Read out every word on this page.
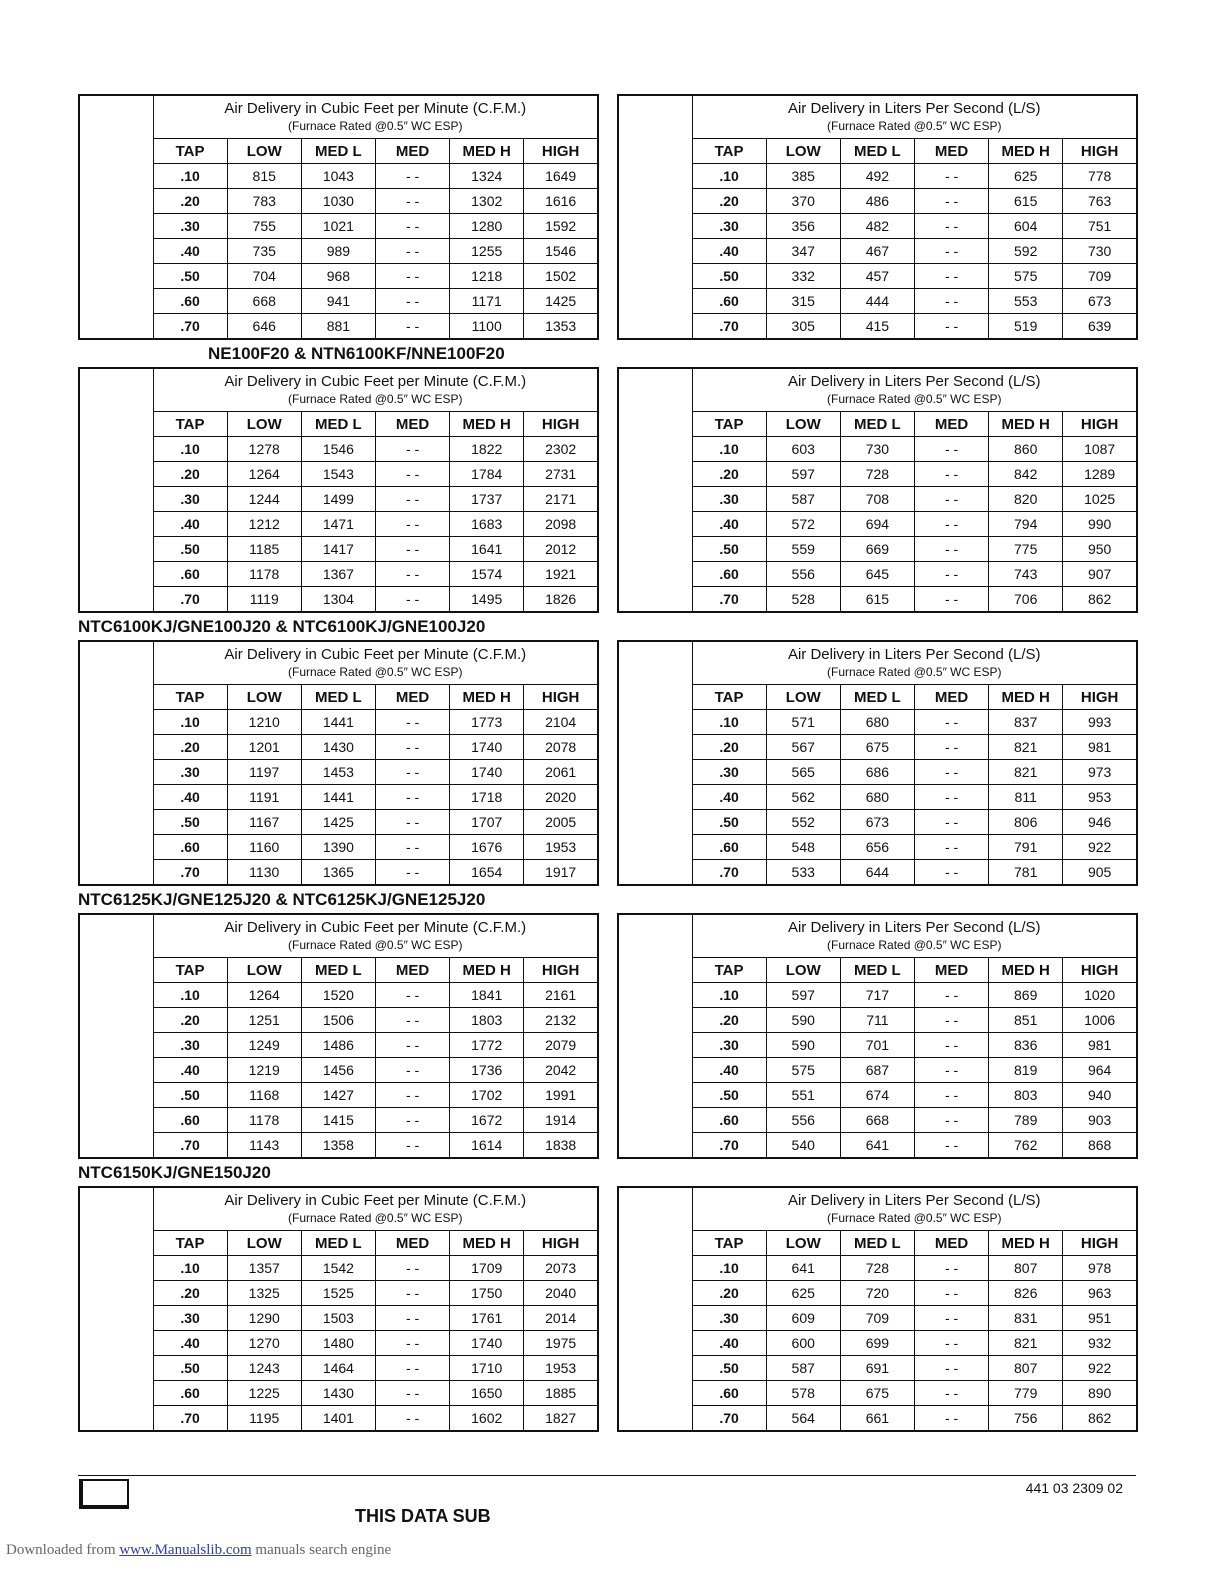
	Air Delivery in Cubic Feet per Minute (C.F.M.)
(Furnace Rated @0.5″ WC ESP)					

	TAP	LOW	MED L	MED	MED H	HIGH
	.10	815	1043	- -	1324	1649
	.20	783	1030	- -	1302	1616
	.30	755	1021	- -	1280	1592
	.40	735	989	- -	1255	1546
	.50	704	968	- -	1218	1502
	.60	668	941	- -	1171	1425
	.70	646	881	- -	1100	1353

	Air Delivery in Liters Per Second (L/S)
(Furnace Rated @0.5″ WC ESP)					

	TAP	LOW	MED L	MED	MED H	HIGH
	.10	385	492	- -	625	778
	.20	370	486	- -	615	763
	.30	356	482	- -	604	751
	.40	347	467	- -	592	730
	.50	332	457	- -	575	709
	.60	315	444	- -	553	673
	.70	305	415	- -	519	639
NE100F20 & NTN6100KF/NNE100F20

	Air Delivery in Cubic Feet per Minute (C.F.M.)
(Furnace Rated @0.5″ WC ESP)					

	TAP	LOW	MED L	MED	MED H	HIGH
	.10	1278	1546	- -	1822	2302
	.20	1264	1543	- -	1784	2731
	.30	1244	1499	- -	1737	2171
	.40	1212	1471	- -	1683	2098
	.50	1185	1417	- -	1641	2012
	.60	1178	1367	- -	1574	1921
	.70	1119	1304	- -	1495	1826

	Air Delivery in Liters Per Second (L/S)
(Furnace Rated @0.5″ WC ESP)					

	TAP	LOW	MED L	MED	MED H	HIGH
	.10	603	730	- -	860	1087
	.20	597	728	- -	842	1289
	.30	587	708	- -	820	1025
	.40	572	694	- -	794	990
	.50	559	669	- -	775	950
	.60	556	645	- -	743	907
	.70	528	615	- -	706	862
NTC6100KJ/GNE100J20 & NTC6100KJ/GNE100J20

	Air Delivery in Cubic Feet per Minute (C.F.M.)
(Furnace Rated @0.5″ WC ESP)					

	TAP	LOW	MED L	MED	MED H	HIGH
	.10	1210	1441	- -	1773	2104
	.20	1201	1430	- -	1740	2078
	.30	1197	1453	- -	1740	2061
	.40	1191	1441	- -	1718	2020
	.50	1167	1425	- -	1707	2005
	.60	1160	1390	- -	1676	1953
	.70	1130	1365	- -	1654	1917

	Air Delivery in Liters Per Second (L/S)
(Furnace Rated @0.5″ WC ESP)					

	TAP	LOW	MED L	MED	MED H	HIGH
	.10	571	680	- -	837	993
	.20	567	675	- -	821	981
	.30	565	686	- -	821	973
	.40	562	680	- -	811	953
	.50	552	673	- -	806	946
	.60	548	656	- -	791	922
	.70	533	644	- -	781	905
NTC6125KJ/GNE125J20 & NTC6125KJ/GNE125J20

	Air Delivery in Cubic Feet per Minute (C.F.M.)
(Furnace Rated @0.5″ WC ESP)					

	TAP	LOW	MED L	MED	MED H	HIGH
	.10	1264	1520	- -	1841	2161
	.20	1251	1506	- -	1803	2132
	.30	1249	1486	- -	1772	2079
	.40	1219	1456	- -	1736	2042
	.50	1168	1427	- -	1702	1991
	.60	1178	1415	- -	1672	1914
	.70	1143	1358	- -	1614	1838

	Air Delivery in Liters Per Second (L/S)
(Furnace Rated @0.5″ WC ESP)					

	TAP	LOW	MED L	MED	MED H	HIGH
	.10	597	717	- -	869	1020
	.20	590	711	- -	851	1006
	.30	590	701	- -	836	981
	.40	575	687	- -	819	964
	.50	551	674	- -	803	940
	.60	556	668	- -	789	903
	.70	540	641	- -	762	868
NTC6150KJ/GNE150J20

	Air Delivery in Cubic Feet per Minute (C.F.M.)
(Furnace Rated @0.5″ WC ESP)					

	TAP	LOW	MED L	MED	MED H	HIGH
	.10	1357	1542	- -	1709	2073
	.20	1325	1525	- -	1750	2040
	.30	1290	1503	- -	1761	2014
	.40	1270	1480	- -	1740	1975
	.50	1243	1464	- -	1710	1953
	.60	1225	1430	- -	1650	1885
	.70	1195	1401	- -	1602	1827

	Air Delivery in Liters Per Second (L/S)
(Furnace Rated @0.5″ WC ESP)					

	TAP	LOW	MED L	MED	MED H	HIGH
	.10	641	728	- -	807	978
	.20	625	720	- -	826	963
	.30	609	709	- -	831	951
	.40	600	699	- -	821	932
	.50	587	691	- -	807	922
	.60	578	675	- -	779	890
	.70	564	661	- -	756	862
441 03 2309 02
THIS DATA SUB
Downloaded from www.Manualslib.com manuals search engine
